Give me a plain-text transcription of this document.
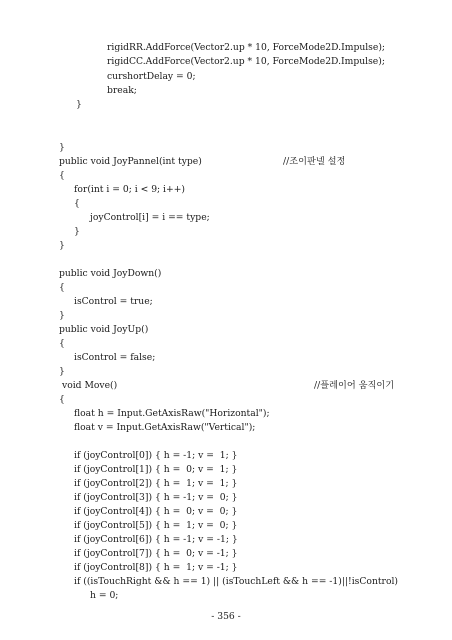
rigidRR.AddForce(Vector2.up * 10, ForceMode2D.Impulse);
rigidCC.AddForce(Vector2.up * 10, ForceMode2D.Impulse);
curshortDelay = 0;
break;
}
}
public void JoyPannel(int type)	//조이판넬 설정
{
for(int i = 0; i < 9; i++)
{
joyControl[i] = i == type;
}
}
public void JoyDown()
{
isControl = true;
}
public void JoyUp()
{
isControl = false;
}
void Move()	//플레이어 움직이기
{
float h = Input.GetAxisRaw("Horizontal");
float v = Input.GetAxisRaw("Vertical");
if (joyControl[0]) { h = -1; v =  1; }
if (joyControl[1]) { h =  0; v =  1; }
if (joyControl[2]) { h =  1; v =  1; }
if (joyControl[3]) { h = -1; v =  0; }
if (joyControl[4]) { h =  0; v =  0; }
if (joyControl[5]) { h =  1; v =  0; }
if (joyControl[6]) { h = -1; v = -1; }
if (joyControl[7]) { h =  0; v = -1; }
if (joyControl[8]) { h =  1; v = -1; }
if ((isTouchRight && h == 1) || (isTouchLeft && h == -1)||!isControl)
h = 0;
- 356 -
